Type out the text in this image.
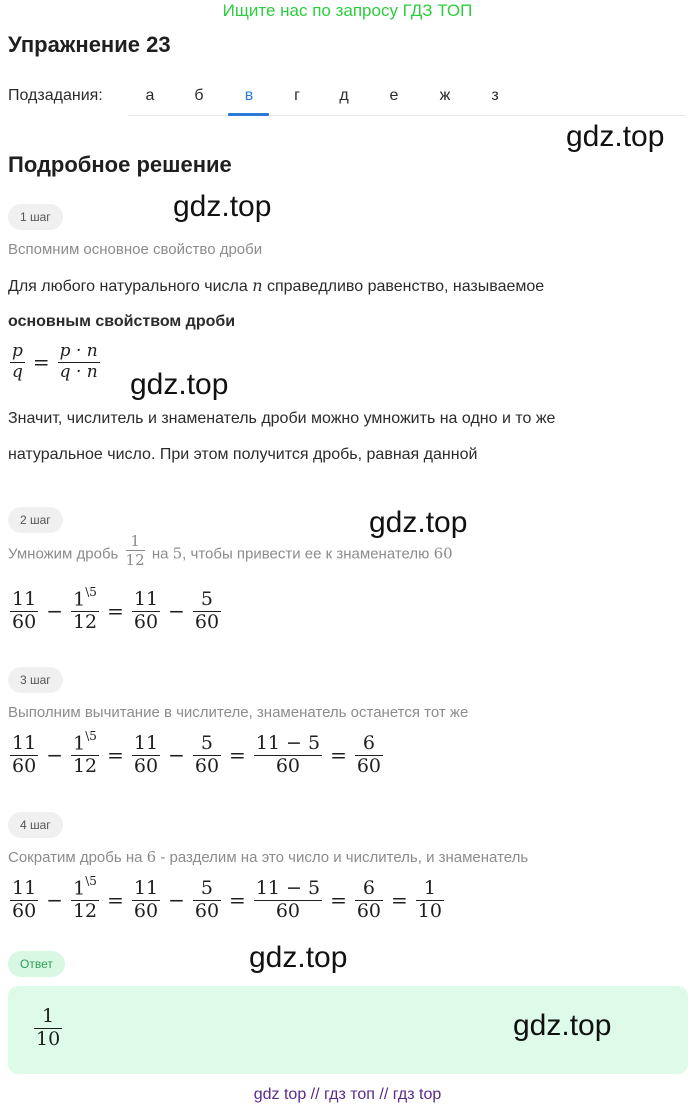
Ищите нас по запросу ГДЗ ТОП
Упражнение 23
Подзадания:	а	б	в	г	д	е	ж	з
Подробное решение
gdz.top
gdz.top
gdz.top
gdz.top
gdz.top
1 шаг
Вспомним основное свойство дроби
Для любого натурального числа n справедливо равенство, называемое
основным свойством дроби
$\frac{p}{q} = \frac{p \cdot n}{q \cdot n}$
Значит, числитель и знаменатель дроби можно умножить на одно и то же
натуральное число. При этом получится дробь, равная данной
2 шаг
Умножим дробь $\frac{1}{12}$ на 5, чтобы привести ее к знаменателю 60
$\frac{11}{60} - \frac{1^{\backslash 5}}{12} = \frac{11}{60} - \frac{5}{60}$
3 шаг
Выполним вычитание в числителе, знаменатель останется тот же
$\frac{11}{60} - \frac{1^{\backslash 5}}{12} = \frac{11}{60} - \frac{5}{60} = \frac{11 - 5}{60} = \frac{6}{60}$
4 шаг
Сократим дробь на 6 - разделим на это число и числитель, и знаменатель
$\frac{11}{60} - \frac{1^{\backslash 5}}{12} = \frac{11}{60} - \frac{5}{60} = \frac{11 - 5}{60} = \frac{6}{60} = \frac{1}{10}$
Ответ
$\frac{1}{10}$	gdz.top
gdz top // гдз топ // гдз top
